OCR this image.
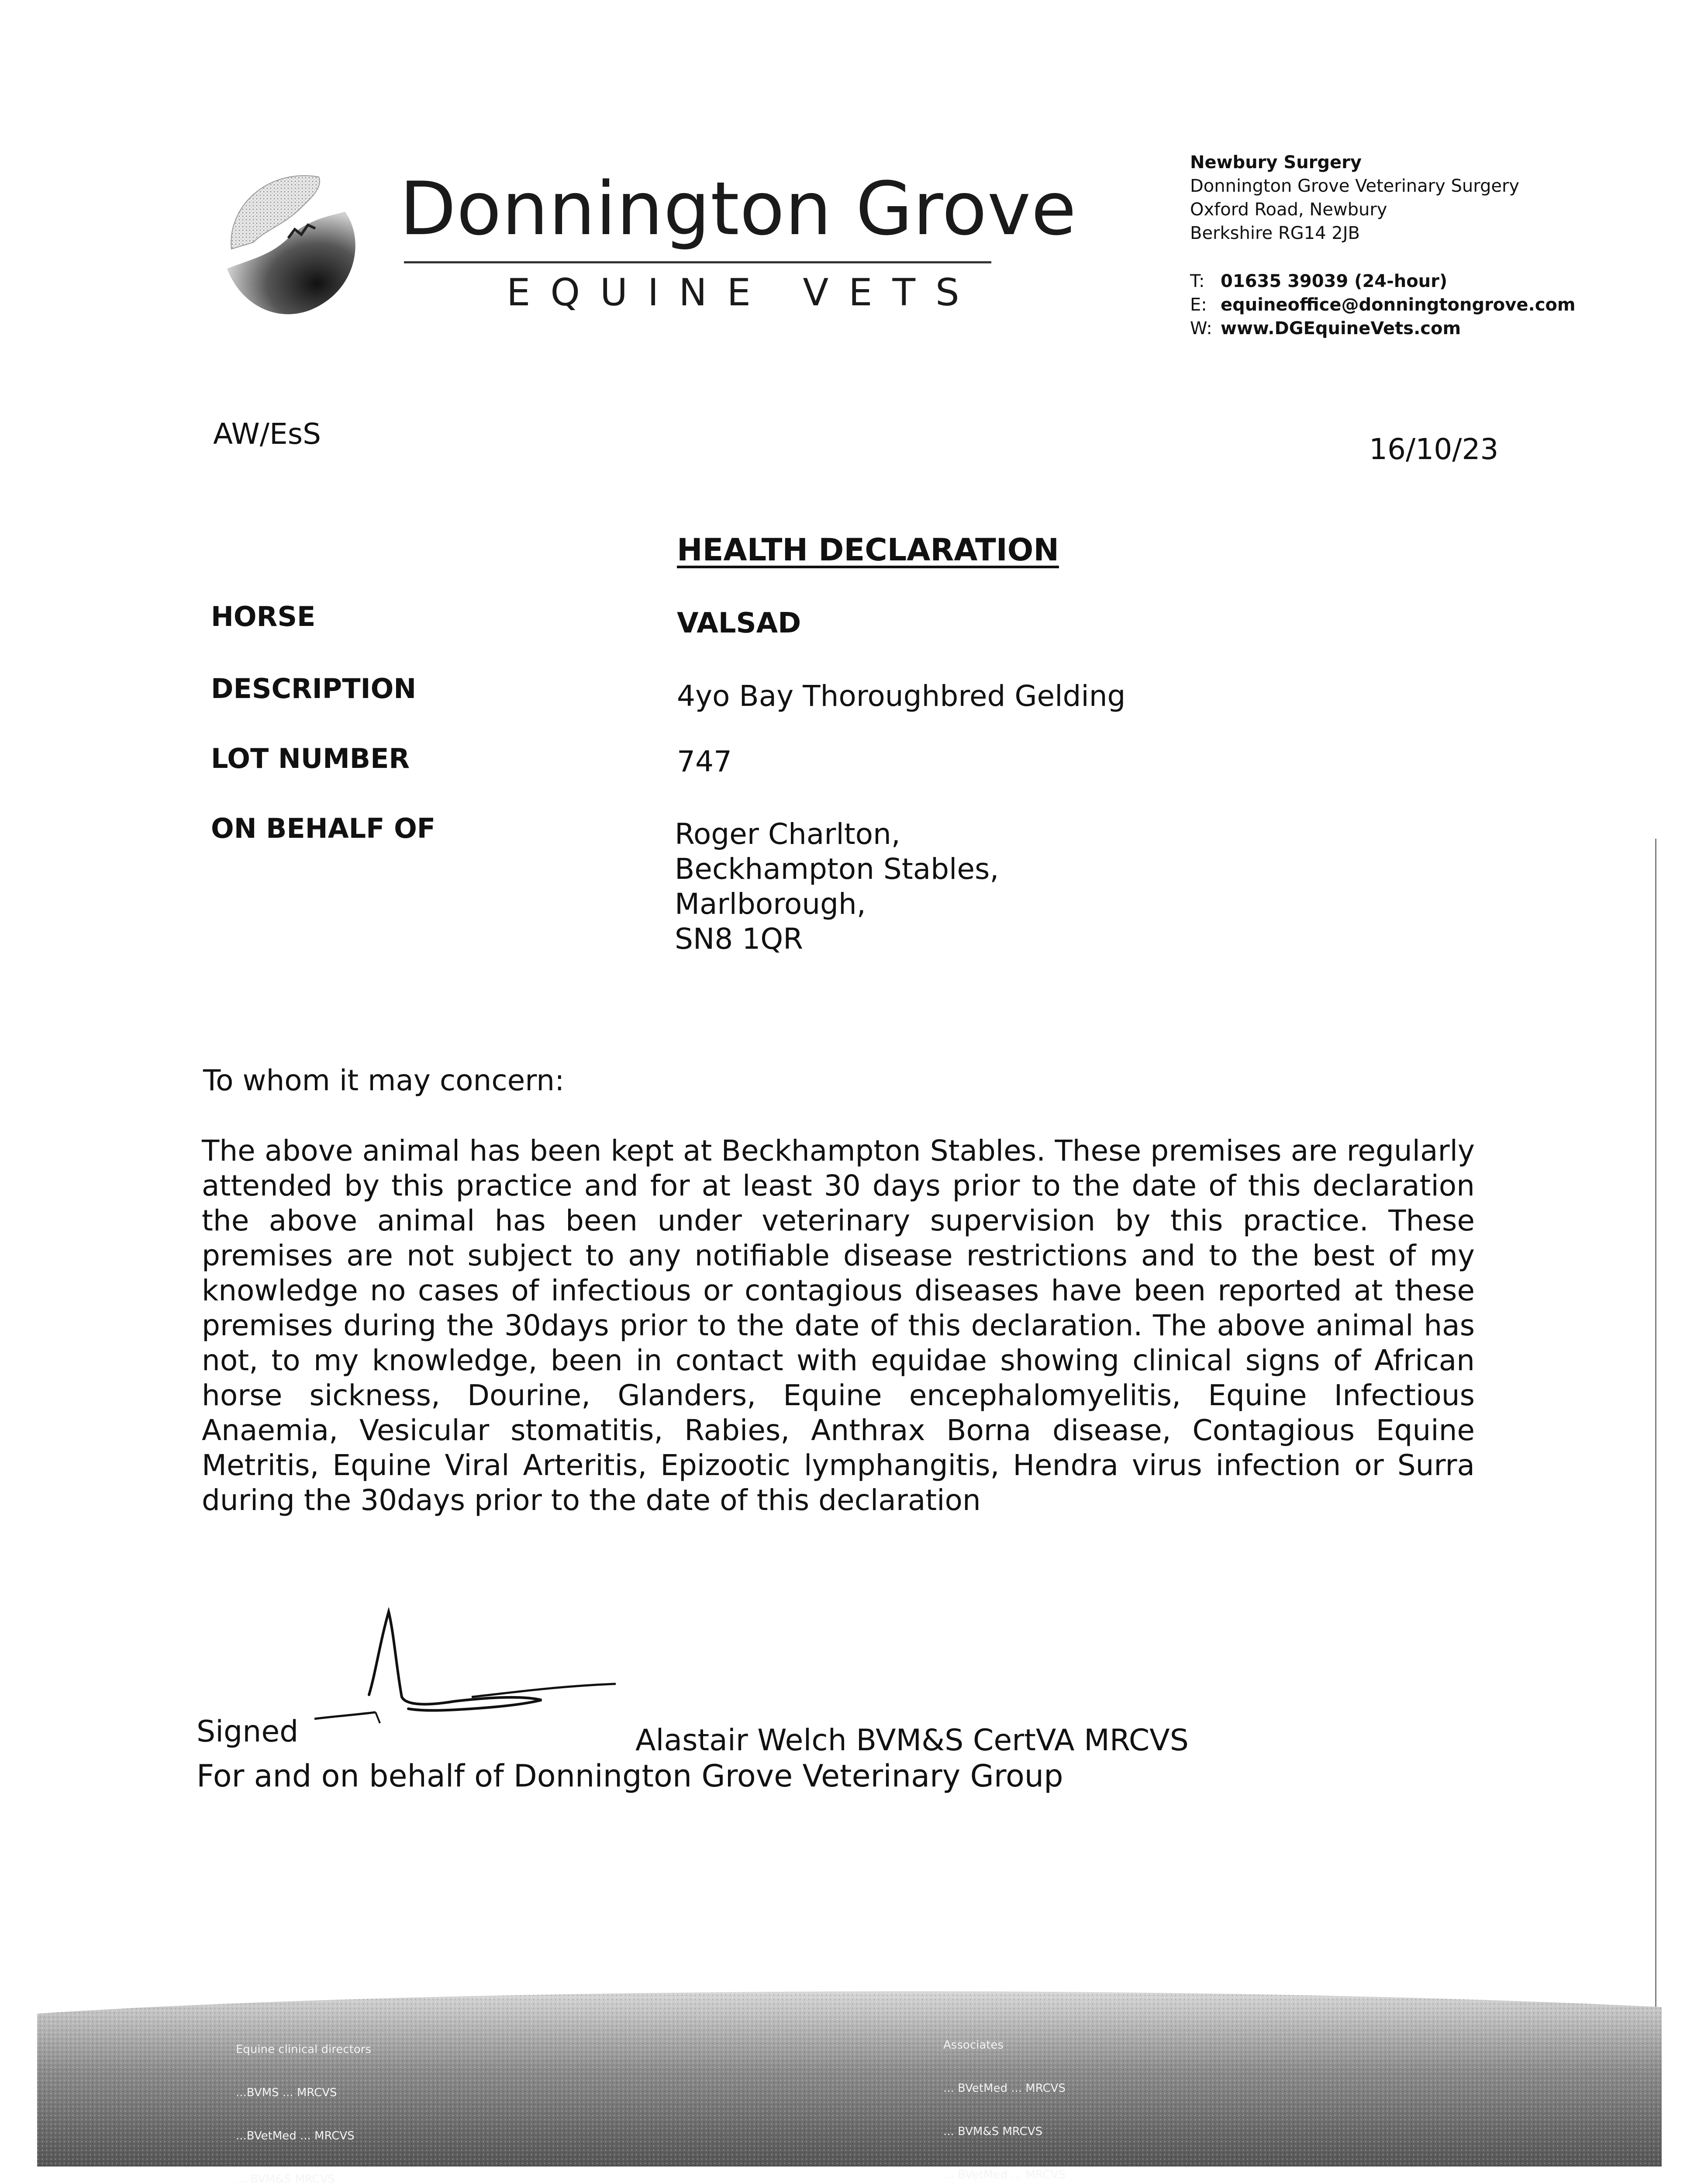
Donnington Grove
EQUINE VETS
Newbury Surgery
Donnington Grove Veterinary Surgery
Oxford Road, Newbury
Berkshire RG14 2JB
T: 01635 39039 (24-hour)
E: equineoffice@donningtongrove.com
W: www.DGEquineVets.com
AW/EsS	16/10/23
HEALTH DECLARATION
HORSE	VALSAD
DESCRIPTION	4yo Bay Thoroughbred Gelding
LOT NUMBER	747
ON BEHALF OF	Roger Charlton,
Beckhampton Stables,
Marlborough,
SN8 1QR
To whom it may concern:
The above animal has been kept at Beckhampton Stables. These premises are regularly attended by this practice and for at least 30 days prior to the date of this declaration the above animal has been under veterinary supervision by this practice. These premises are not subject to any notifiable disease restrictions and to the best of my knowledge no cases of infectious or contagious diseases have been reported at these premises during the 30days prior to the date of this declaration. The above animal has not, to my knowledge, been in contact with equidae showing clinical signs of African horse sickness, Dourine, Glanders, Equine encephalomyelitis, Equine Infectious Anaemia, Vesicular stomatitis, Rabies, Anthrax Borna disease, Contagious Equine Metritis, Equine Viral Arteritis, Epizootic lymphangitis, Hendra virus infection or Surra during the 30days prior to the date of this declaration
Signed	Alastair Welch BVM&S CertVA MRCVS
For and on behalf of Donnington Grove Veterinary Group

Equine clinical directors

...BVMS ... MRCVS

...BVetMed ... MRCVS

... BVM&S MRCVS

Associates

... BVetMed ... MRCVS

... BVM&S MRCVS

... BVetMed ... MRCVS
